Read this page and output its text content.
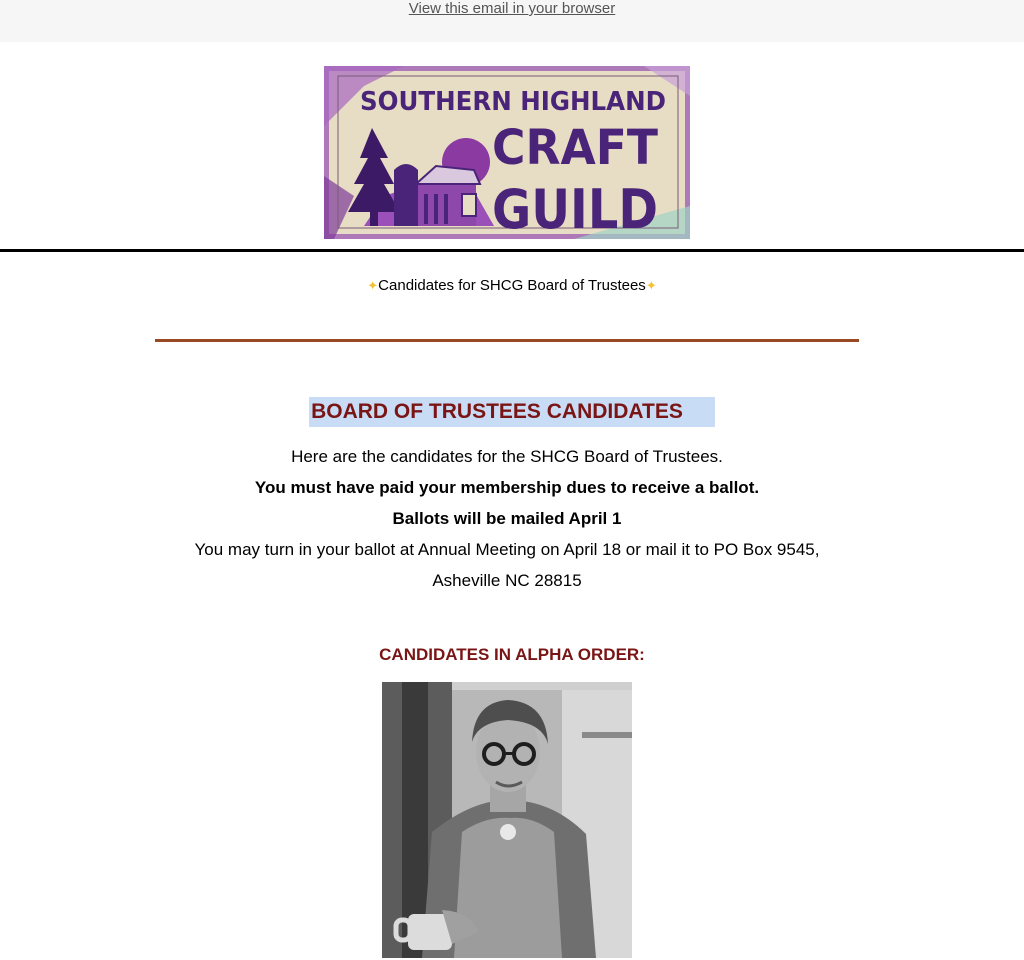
View this email in your browser
SOUTHERN HIGHLAND
CRAFT
GUILD
✦Candidates for SHCG Board of Trustees✦
BOARD OF TRUSTEES CANDIDATES

Here are the candidates for the SHCG Board of Trustees.

You must have paid your membership dues to receive a ballot.

Ballots will be mailed April 1

You may turn in your ballot at Annual Meeting on April 18 or mail it to PO Box 9545,

Asheville NC 28815

CANDIDATES IN ALPHA ORDER:
